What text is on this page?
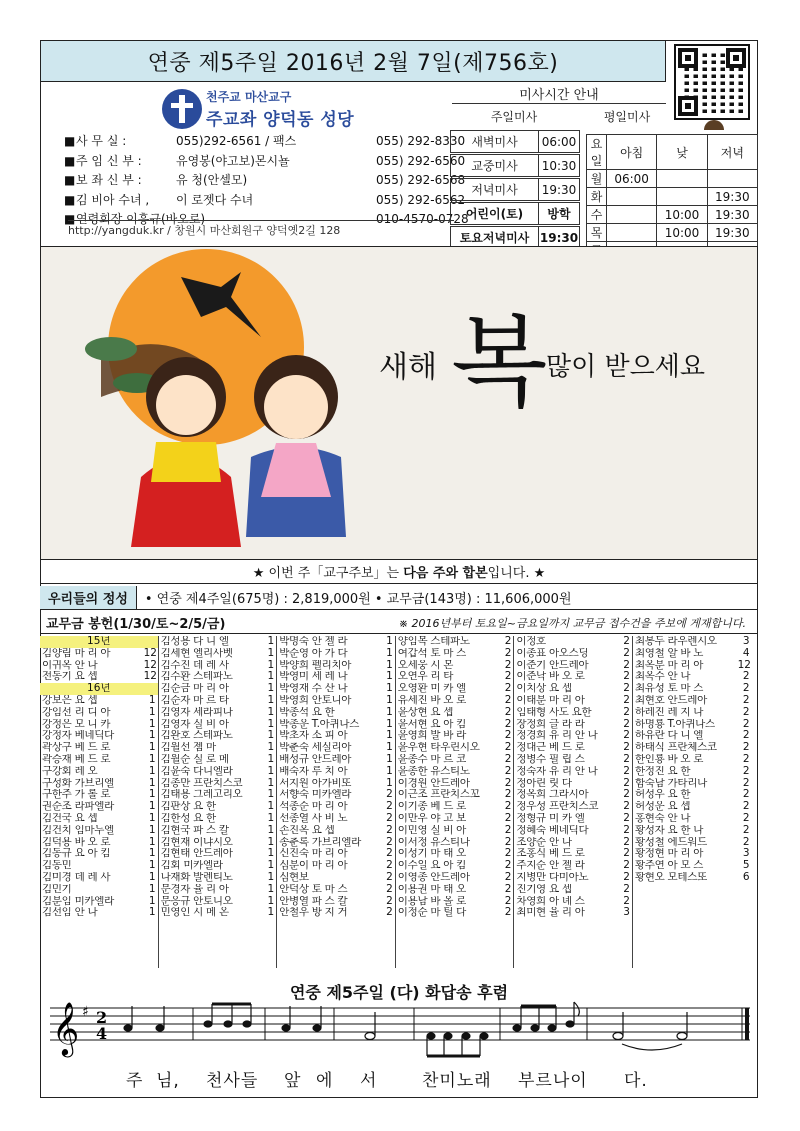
연중 제5주일 2016년 2월 7일(제756호)
천주교 마산교구
주교좌 양덕동 성당
■ 사 무 실 :	055)292-6561 / 팩스	055) 292-8330
■ 주 임 신 부 :	유영봉(야고보)몬시뇰	055) 292-6560
■ 보 좌 신 부 :	유 청(안셀모)	055) 292-6568
■ 김 비아 수녀 ,	이 로젯다 수녀	055) 292-6562
■ 연령회장 이흥규(바오로)	010-4570-0728
http://yangduk.kr / 창원시 마산회원구 양덕옛2길 128
미사시간 안내
주일미사	평일미사
새벽미사	06:00
교중미사	10:30
저녁미사	19:30
어린이(토)	방학
토요저녁미사 19:30
요일	아침	낮	저녁
월	06:00		
화			19:30
수		10:00	19:30
목		10:00	19:30

새해 복
많이 받으세요
★ 이번 주「교구주보」는 다음 주와 합본입니다. ★
우리들의 정성	• 연중 제4주일(675명) : 2,819,000원 • 교무금(143명) : 11,606,000원
교무금 봉헌(1/30/토~2/5/금)	※ 2016년부터 토요일~금요일까지 교무금 접수건을 주보에 게재합니다.
15년
김양림 마 리 아	12
이귀옥 안 나	12
전동기 요 셉	12
16년
강보은 요 셉	1
강임선 리 디 아	1
강정은 모 니 카	1
강정자 베네딕다	1
곽상구 베 드 로	1
곽승재 베 드 로	1
구강회 레 오	1
구성화 가브리엘	1
구한주 가 롤 로	1
권순조 라파엘라	1
김건국 요 셉	1
김건치 임마누엘	1
김덕용 바 오 로	1
김동규 요 아 킴	1
김동민	1
김미경 데 레 사	1
김민기	1
김분임 미카엘라	1
김선임 안 나	1
김성용 다 니 엘	1
김세현 엘리사벳	1
김수진 데 레 사	1
김수환 스테파노	1
김순금 마 리 아	1
김순자 마 르 타	1
김영자 세라피나	1
김영자 실 비 아	1
김완호 스테파노	1
김월선 젬 마	1
김월순 실 로 메	1
김윤숙 다니엘라	1
김종만 프란치스코	1
김태용 그레고리오	1
김판상 요 한	1
김한성 요 한	1
김현국 파 스 칼	1
김현재 이냐시오	1
김현태 안드레아	1
김회 미카엘라	1
나재화 발렌티노	1
문경자 율 리 아	1
문응규 안토니오	1
민영인 시 메 온	1
박명숙 안 젤 라	1
박순영 아 가 다	1
박양희 펠리치아	1
박영미 세 레 나	1
박영재 수 산 나	1
박영희 안토니아	1
박종석 요 한	1
박종운 T.아퀴나스	1
박초자 소 피 아	1
박춘숙 세실리아	1
배성규 안드레아	1
배숙자 루 치 아	1
서지원 아가비또	1
서향숙 미카엘라	2
석종순 마 리 아	2
선종열 사 비 노	2
손진옥 요 셉	2
송춘록 가브리엘라	2
신진숙 마 리 아	2
심분이 마 리 아	2
심현보	2
안덕상 토 마 스	2
안병열 파 스 칼	2
안철우 방 지 거	2
양임목 스테파노	2
여갑석 토 마 스	2
오세웅 시 몬	2
오연우 리 타	2
오영환 미 카 엘	2
유세진 바 오 로	2
윤상현 요 셉	2
윤서현 요 아 킴	2
윤영희 발 바 라	2
윤우현 타우린시오	2
윤종수 마 르 코	2
윤종한 유스티노	2
이경원 안드레아	2
이근조 프란치스꼬	2
이기종 베 드 로	2
이만우 야 고 보	2
이민영 실 비 아	2
이서정 유스티나	2
이성기 마 태 오	2
이수일 요 아 킴	2
이영종 안드레아	2
이용권 마 태 오	2
이용남 바 올 로	2
이정순 마 틸 다	2
이정호	2
이종표 아오스딩	2
이준기 안드레아	2
이준낙 바 오 로	2
이치상 요 셉	2
이태분 마 리 아	2
임태형 사도 요한	2
장정희 글 라 라	2
정경희 유 리 안 나	2
정대근 베 드 로	2
정병수 필 립 스	2
정숙자 유 리 안 나	2
정아린 릿 다	2
정옥희 그라시아	2
정우성 프란치스코	2
정형규 미 카 엘	2
정혜숙 베네딕다	2
조양순 안 나	2
조홍식 베 드 로	2
주지순 안 젤 라	2
지병만 다미아노	2
진기영 요 셉	2
차영희 아 녜 스	2
최미현 율 리 아	3
최봉두 라우렌시오	3
최영철 알 바 노	4
최옥분 마 리 아	12
최옥수 안 나	2
최유성 토 마 스	2
최현호 안드레아	2
하레진 레 지 나	2
하명룡 T.아퀴나스	2
하유란 다 니 엘	2
하태식 프란체스코	2
한인룡 바 오 로	2
한정진 요 한	2
함숙남 가타리나	2
허성우 요 한	2
허성운 요 셉	2
홍현숙 안 나	2
황성자 요 한 나	2
황성철 에드워드	2
황정현 마 리 아	3
황주연 아 모 스	5
황현오 모테스또	6
연중 제5주일 (다) 화답송 후렴
𝄞 ♯ 2
4
주 님, 천사들 앞 에 서	찬미노래 부르나이 다.
